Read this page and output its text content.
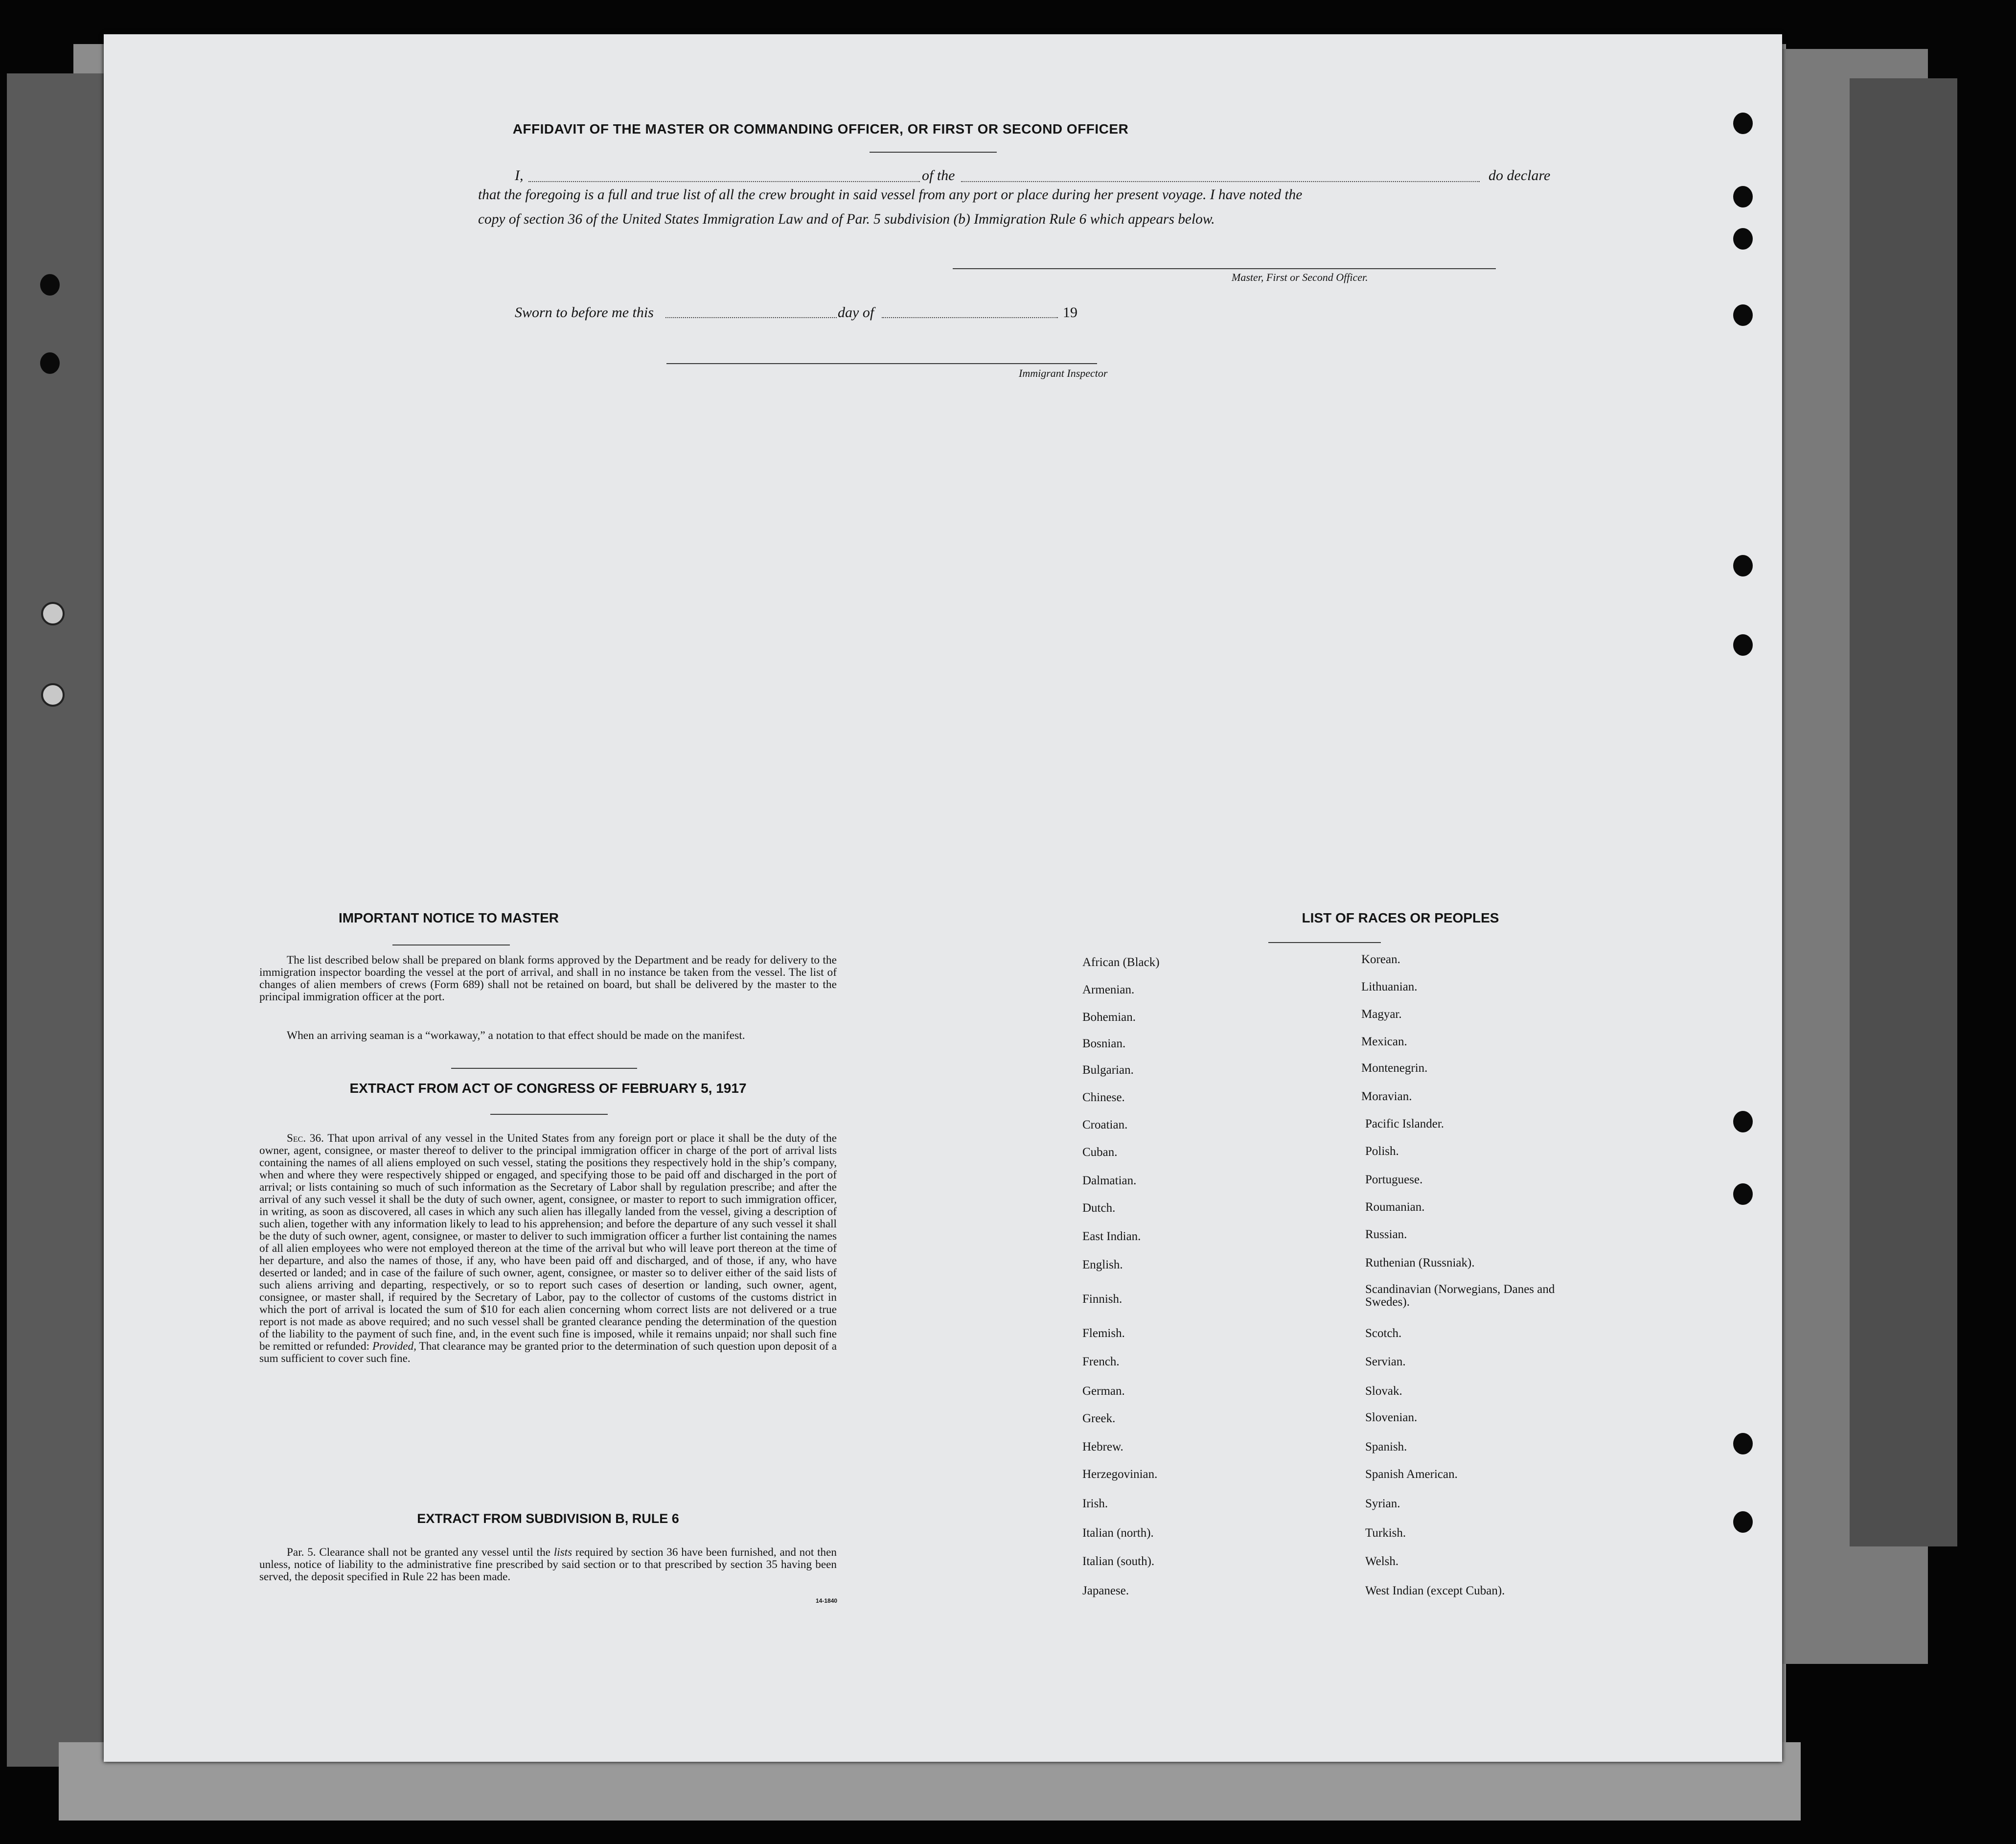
AFFIDAVIT OF THE MASTER OR COMMANDING OFFICER, OR FIRST OR SECOND OFFICER
I,	of the	do declare
that the foregoing is a full and true list of all the crew brought in said vessel from any port or place during her present voyage. I have noted the
copy of section 36 of the United States Immigration Law and of Par. 5 subdivision (b) Immigration Rule 6 which appears below.
Master, First or Second Officer.
Sworn to before me this	day of	19
Immigrant Inspector
IMPORTANT NOTICE TO MASTER
The list described below shall be prepared on blank forms approved by the Department and be ready for delivery to the immigration inspector boarding the vessel at the port of arrival, and shall in no instance be taken from the vessel. The list of changes of alien members of crews (Form 689) shall not be retained on board, but shall be delivered by the master to the principal immigration officer at the port.
When an arriving seaman is a “workaway,” a notation to that effect should be made on the manifest.
EXTRACT FROM ACT OF CONGRESS OF FEBRUARY 5, 1917
Sec. 36. That upon arrival of any vessel in the United States from any foreign port or place it shall be the duty of the owner, agent, consignee, or master thereof to deliver to the principal immigration officer in charge of the port of arrival lists containing the names of all aliens employed on such vessel, stating the positions they respectively hold in the ship’s company, when and where they were respectively shipped or engaged, and specifying those to be paid off and discharged in the port of arrival; or lists containing so much of such information as the Secretary of Labor shall by regulation prescribe; and after the arrival of any such vessel it shall be the duty of such owner, agent, consignee, or master to report to such immigration officer, in writing, as soon as discovered, all cases in which any such alien has illegally landed from the vessel, giving a description of such alien, together with any information likely to lead to his apprehension; and before the departure of any such vessel it shall be the duty of such owner, agent, consignee, or master to deliver to such immigration officer a further list containing the names of all alien employees who were not employed thereon at the time of the arrival but who will leave port thereon at the time of her departure, and also the names of those, if any, who have been paid off and discharged, and of those, if any, who have deserted or landed; and in case of the failure of such owner, agent, consignee, or master so to deliver either of the said lists of such aliens arriving and departing, respectively, or so to report such cases of desertion or landing, such owner, agent, consignee, or master shall, if required by the Secretary of Labor, pay to the collector of customs of the customs district in which the port of arrival is located the sum of $10 for each alien concerning whom correct lists are not delivered or a true report is not made as above required; and no such vessel shall be granted clearance pending the determination of the question of the liability to the payment of such fine, and, in the event such fine is imposed, while it remains unpaid; nor shall such fine be remitted or refunded: Provided, That clearance may be granted prior to the determination of such question upon deposit of a sum sufficient to cover such fine.
EXTRACT FROM SUBDIVISION B, RULE 6
Par. 5. Clearance shall not be granted any vessel until the lists required by section 36 have been furnished, and not then unless, notice of liability to the administrative fine prescribed by said section or to that prescribed by section 35 having been served, the deposit specified in Rule 22 has been made.
14-1840
LIST OF RACES OR PEOPLES
African (Black)
Armenian.
Bohemian.
Bosnian.
Bulgarian.
Chinese.
Croatian.
Cuban.
Dalmatian.
Dutch.
East Indian.
English.
Finnish.
Flemish.
French.
German.
Greek.
Hebrew.
Herzegovinian.
Irish.
Italian (north).
Italian (south).
Japanese.
Korean.
Lithuanian.
Magyar.
Mexican.
Montenegrin.
Moravian.
Pacific Islander.
Polish.
Portuguese.
Roumanian.
Russian.
Ruthenian (Russniak).
Scandinavian (Norwegians, Danes and Swedes).
Scotch.
Servian.
Slovak.
Slovenian.
Spanish.
Spanish American.
Syrian.
Turkish.
Welsh.
West Indian (except Cuban).
